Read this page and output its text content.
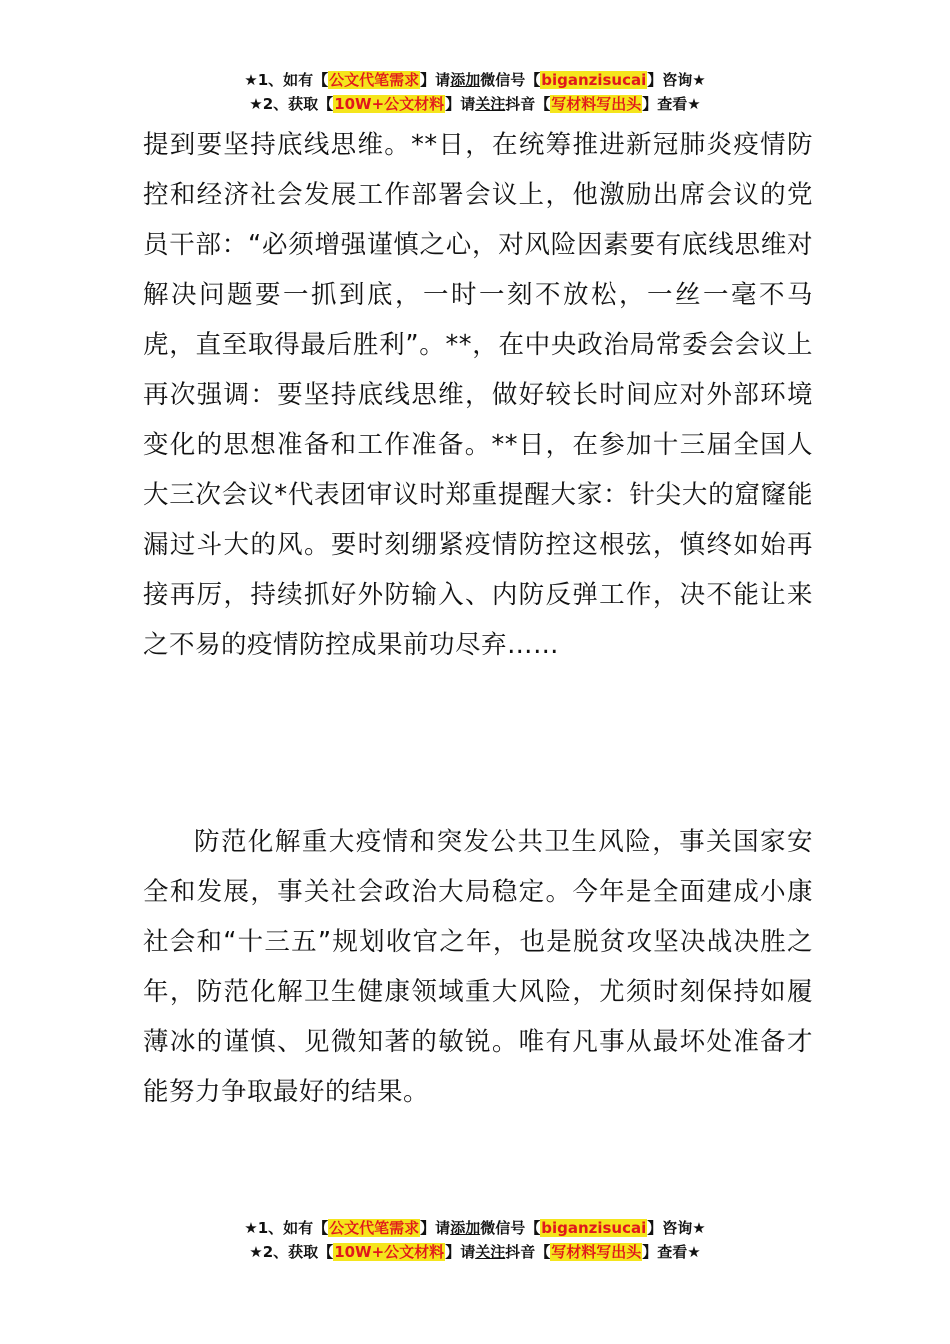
★1、如有【公文代笔需求】请添加微信号【biganzisucai】咨询★
★2、获取【10W+公文材料】请关注抖音【写材料写出头】查看★

提到要坚持底线思维。**日，在统筹推进新冠肺炎疫情防控和经济社会发展工作部署会议上，他激励出席会议的党员干部：“必须增强谨慎之心，对风险因素要有底线思维对解决问题要一抓到底，一时一刻不放松，一丝一毫不马虎，直至取得最后胜利”。**，在中央政治局常委会会议上再次强调：要坚持底线思维，做好较长时间应对外部环境变化的思想准备和工作准备。**日，在参加十三届全国人大三次会议*代表团审议时郑重提醒大家：针尖大的窟窿能漏过斗大的风。要时刻绷紧疫情防控这根弦，慎终如始再接再厉，持续抓好外防输入、内防反弹工作，决不能让来之不易的疫情防控成果前功尽弃……

防范化解重大疫情和突发公共卫生风险，事关国家安全和发展，事关社会政治大局稳定。今年是全面建成小康社会和“十三五”规划收官之年，也是脱贫攻坚决战决胜之年，防范化解卫生健康领域重大风险，尤须时刻保持如履薄冰的谨慎、见微知著的敏锐。唯有凡事从最坏处准备才能努力争取最好的结果。

★1、如有【公文代笔需求】请添加微信号【biganzisucai】咨询★
★2、获取【10W+公文材料】请关注抖音【写材料写出头】查看★
